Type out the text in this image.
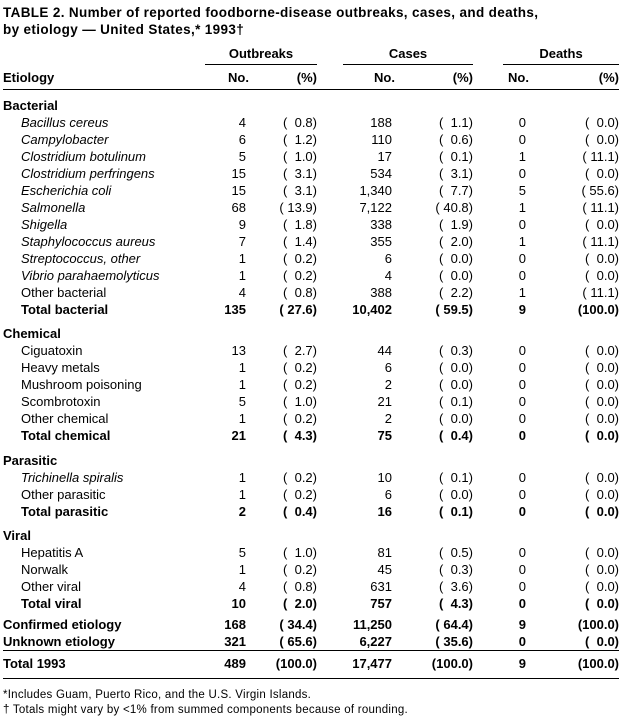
TABLE 2. Number of reported foodborne-disease outbreaks, cases, and deaths,
by etiology — United States,* 1993†
	Outbreaks			Cases			Deaths	
Etiology	No.	(%)		No.	(%)		No.	(%)
Bacterial								
Bacillus cereus	4	(  0.8)		188	(  1.1)		0	(  0.0)
Campylobacter	6	(  1.2)		110	(  0.6)		0	(  0.0)
Clostridium botulinum	5	(  1.0)		17	(  0.1)		1	( 11.1)
Clostridium perfringens	15	(  3.1)		534	(  3.1)		0	(  0.0)
Escherichia coli	15	(  3.1)		1,340	(  7.7)		5	( 55.6)
Salmonella	68	( 13.9)		7,122	( 40.8)		1	( 11.1)
Shigella	9	(  1.8)		338	(  1.9)		0	(  0.0)
Staphylococcus aureus	7	(  1.4)		355	(  2.0)		1	( 11.1)
Streptococcus, other	1	(  0.2)		6	(  0.0)		0	(  0.0)
Vibrio parahaemolyticus	1	(  0.2)		4	(  0.0)		0	(  0.0)
Other bacterial	4	(  0.8)		388	(  2.2)		1	( 11.1)
Total bacterial	135	( 27.6)		10,402	( 59.5)		9	(100.0)
Chemical								
Ciguatoxin	13	(  2.7)		44	(  0.3)		0	(  0.0)
Heavy metals	1	(  0.2)		6	(  0.0)		0	(  0.0)
Mushroom poisoning	1	(  0.2)		2	(  0.0)		0	(  0.0)
Scombrotoxin	5	(  1.0)		21	(  0.1)		0	(  0.0)
Other chemical	1	(  0.2)		2	(  0.0)		0	(  0.0)
Total chemical	21	(  4.3)		75	(  0.4)		0	(  0.0)
Parasitic								
Trichinella spiralis	1	(  0.2)		10	(  0.1)		0	(  0.0)
Other parasitic	1	(  0.2)		6	(  0.0)		0	(  0.0)
Total parasitic	2	(  0.4)		16	(  0.1)		0	(  0.0)
Viral								
Hepatitis A	5	(  1.0)		81	(  0.5)		0	(  0.0)
Norwalk	1	(  0.2)		45	(  0.3)		0	(  0.0)
Other viral	4	(  0.8)		631	(  3.6)		0	(  0.0)
Total viral	10	(  2.0)		757	(  4.3)		0	(  0.0)
Confirmed etiology	168	( 34.4)		11,250	( 64.4)		9	(100.0)
Unknown etiology	321	( 65.6)		6,227	( 35.6)		0	(  0.0)
Total 1993	489	(100.0)		17,477	(100.0)		9	(100.0)
*Includes Guam, Puerto Rico, and the U.S. Virgin Islands.
† Totals might vary by <1% from summed components because of rounding.
